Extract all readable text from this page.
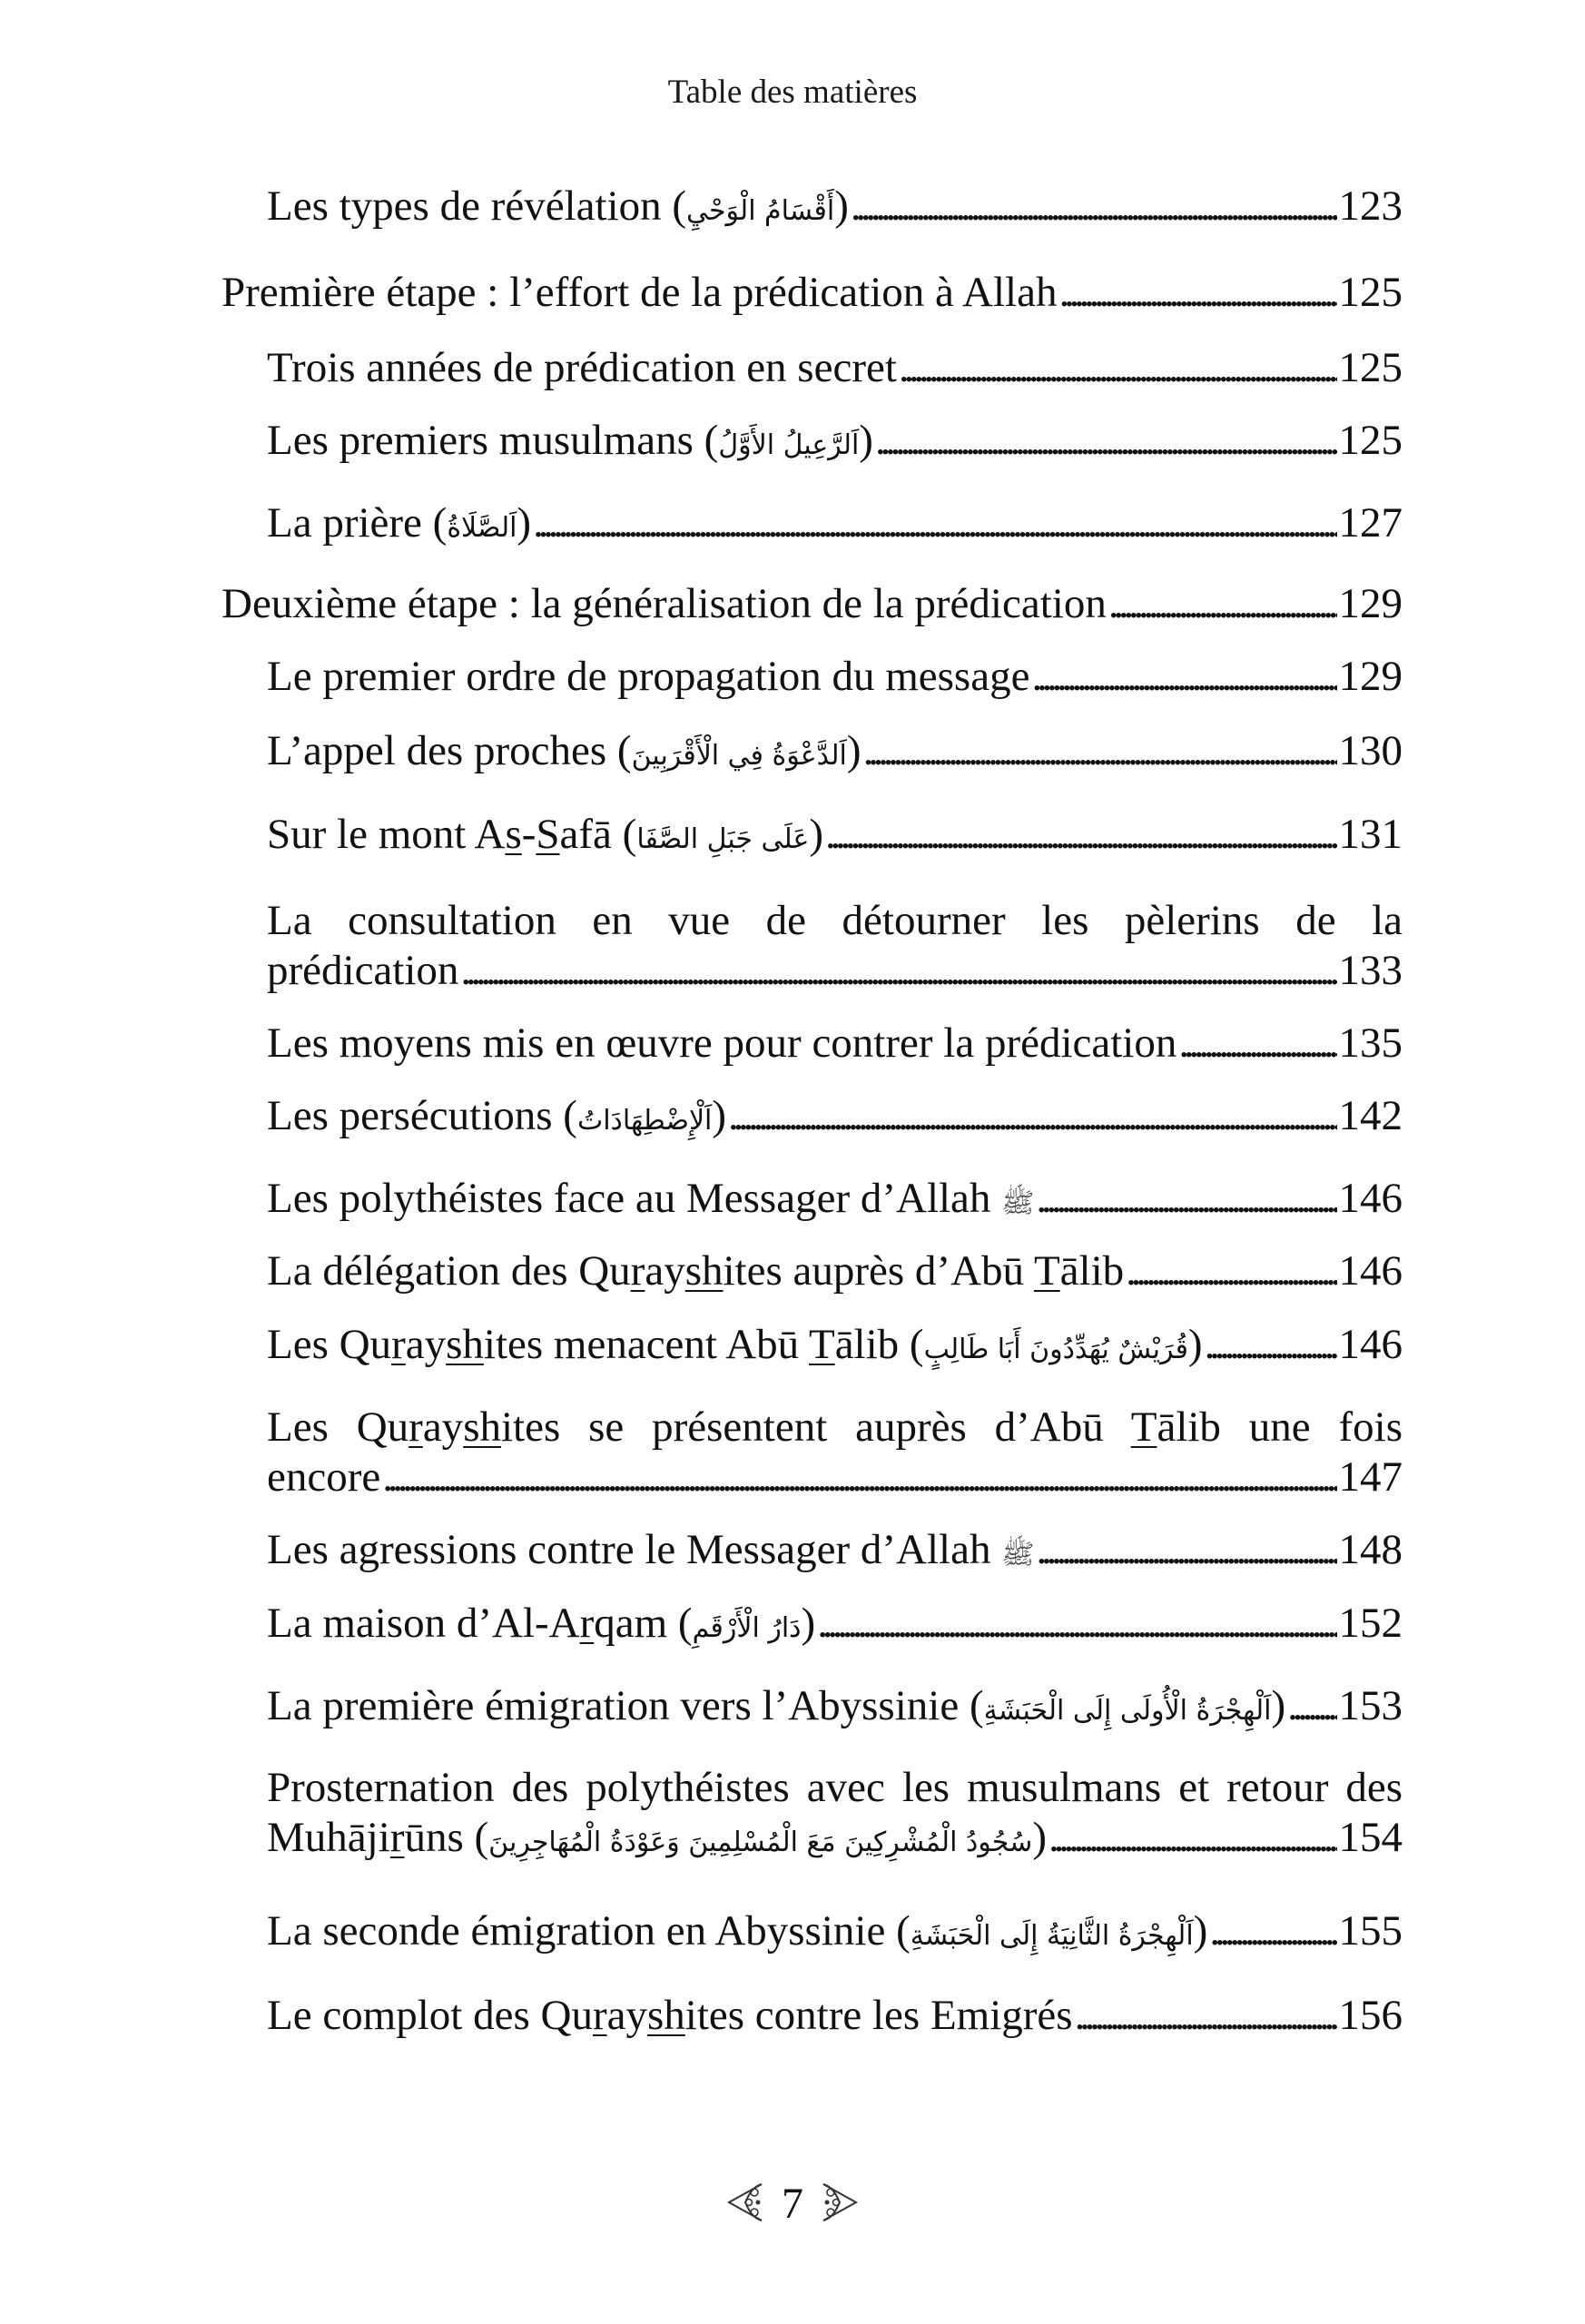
Table des matières
Les types de révélation (أَقْسَامُ الْوَحْيِ) . . .	123
Première étape : l’effort de la prédication à Allah . . .	125
Trois années de prédication en secret . . .	125
Les premiers musulmans (اَلرَّعِيلُ الأَوَّلُ) . . .	125
La prière (اَلصَّلَاةُ) . . .	127
Deuxième étape : la généralisation de la prédication . . .	129
Le premier ordre de propagation du message . . .	129
L’appel des proches (اَلدَّعْوَةُ فِي الْأَقْرَبِينَ) . . .	130
Sur le mont As-Safā (عَلَى جَبَلِ الصَّفَا) . . .	131
La consultation en vue de détourner les pèlerins de la
prédication . . .	133
Les moyens mis en œuvre pour contrer la prédication . . .	135
Les persécutions (اَلْإِضْطِهَادَاتُ) . . .	142
Les polythéistes face au Messager d’Allah ﷺ . . .	146
La délégation des Qurayshites auprès d’Abū Tālib . . .	146
Les Qurayshites menacent Abū Tālib (قُرَيْشٌ يُهَدِّدُونَ أَبَا طَالِبٍ) . . .	146
Les Qurayshites se présentent auprès d’Abū Tālib une fois
encore . . .	147
Les agressions contre le Messager d’Allah ﷺ . . .	148
La maison d’Al-Arqam (دَارُ الْأَرْقَمِ) . . .	152
La première émigration vers l’Abyssinie (اَلْهِجْرَةُ الْأُولَى إِلَى الْحَبَشَةِ) . . . 153
Prosternation des polythéistes avec les musulmans et retour des
Muhājirūns (سُجُودُ الْمُشْرِكِينَ مَعَ الْمُسْلِمِينَ وَعَوْدَةُ الْمُهَاجِرِينَ) . . .	154
La seconde émigration en Abyssinie (اَلْهِجْرَةُ الثَّانِيَةُ إِلَى الْحَبَشَةِ) . . .	155
Le complot des Qurayshites contre les Emigrés . . .	156
7
